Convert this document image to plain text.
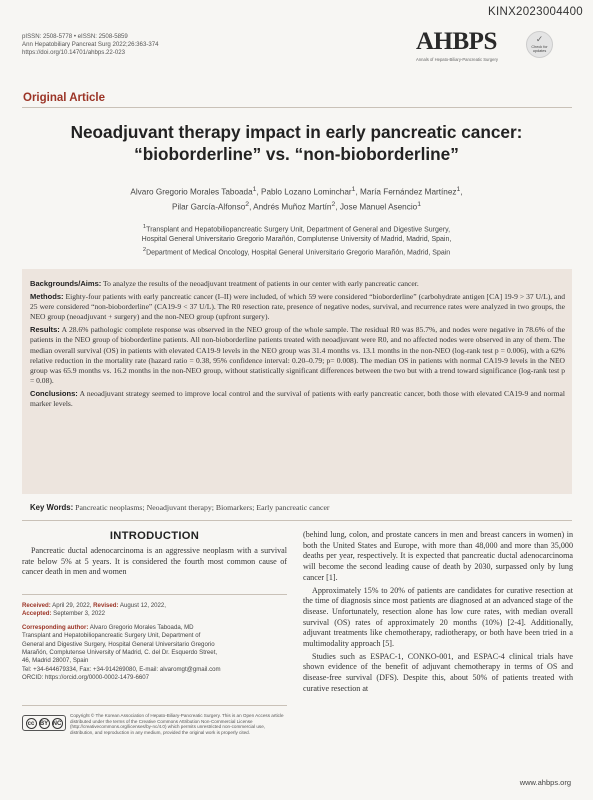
KINX2023004400
pISSN: 2508-5778 • eISSN: 2508-5859
Ann Hepatobiliary Pancreat Surg 2022;26:363-374
https://doi.org/10.14701/ahbps.22-023	AHBPS
Annals of Hepato-Biliary-Pancreatic Surgery
✓
Check for
updates
Original Article
Neoadjuvant therapy impact in early pancreatic cancer:
“bioborderline” vs. “non-bioborderline”
Alvaro Gregorio Morales Taboada$^1$, Pablo Lozano Lominchar$^1$, María Fernández Martínez$^1$,
Pilar García-Alfonso$^2$, Andrés Muñoz Martín$^2$, Jose Manuel Asencio$^1$
$^1$Transplant and Hepatobiliopancreatic Surgery Unit, Department of General and Digestive Surgery,
Hospital General Universitario Gregorio Marañón, Complutense University of Madrid, Madrid, Spain,
$^2$Department of Medical Oncology, Hospital General Universitario Gregorio Marañón, Madrid, Spain

Backgrounds/Aims: To analyze the results of the neoadjuvant treatment of patients in our center with early pancreatic cancer.

Methods: Eighty-four patients with early pancreatic cancer (I–II) were included, of which 59 were considered “bioborderline” (carbohydrate antigen [CA] 19-9 > 37 U/L), and 25 were considered “non-bioborderline” (CA19-9 < 37 U/L). The R0 resection rate, presence of negative nodes, survival, and recurrence rates were analyzed in two groups, the NEO group (neoadjuvant + surgery) and the non-NEO group (upfront surgery).

Results: A 28.6% pathologic complete response was observed in the NEO group of the whole sample. The residual R0 was 85.7%, and nodes were negative in 78.6% of the patients in the NEO group of bioborderline patients. All non-bioborderline patients treated with neoadjuvant were R0, and no affected nodes were observed in any of them. The median overall survival (OS) in patients with elevated CA19-9 levels in the NEO group was 31.4 months vs. 13.1 months in the non-NEO (log-rank test p = 0.006), with a 62% relative reduction in the mortality rate (hazard ratio = 0.38, 95% confidence interval: 0.20–0.79; p= 0.008). The median OS in patients with normal CA19-9 levels in the NEO group was 65.9 months vs. 16.2 months in the non-NEO group, without statistically significant differences between the two but with a trend toward significance (log-rank test p = 0.08).

Conclusions: A neoadjuvant strategy seemed to improve local control and the survival of patients with early pancreatic cancer, both those with elevated CA19-9 and normal marker levels.

Key Words: Pancreatic neoplasms; Neoadjuvant therapy; Biomarkers; Early pancreatic cancer
INTRODUCTION

Pancreatic ductal adenocarcinoma is an aggressive neoplasm with a survival rate below 5% at 5 years. It is considered the fourth most common cause of cancer death in men and women

Received: April 29, 2022, Revised: August 12, 2022,
Accepted: September 3, 2022
Corresponding author: Alvaro Gregorio Morales Taboada, MD
Transplant and Hepatobiliopancreatic Surgery Unit, Department of
General and Digestive Surgery, Hospital General Universitario Gregorio
Marañón, Complutense University of Madrid, C. del Dr. Esquerdo Street,
46, Madrid 28007, Spain
Tel: +34-644679334, Fax: +34-914269080, E-mail: alvaromgt@gmail.com
ORCID: https://orcid.org/0000-0002-1479-6607
cc BY NC
Copyright © The Korean Association of Hepato-Biliary-Pancreatic Surgery. This is an Open Access article distributed under the terms of the Creative Commons Attribution Non-Commercial License (http://creativecommons.org/licenses/by-nc/4.0) which permits unrestricted non-commercial use, distribution, and reproduction in any medium, provided the original work is properly cited.

(behind lung, colon, and prostate cancers in men and breast cancers in women) in both the United States and Europe, with more than 48,000 and more than 35,000 deaths per year, respectively. It is expected that pancreatic ductal adenocarcinoma will become the second leading cause of death by 2030, surpassed only by lung cancer [1].

Approximately 15% to 20% of patients are candidates for curative resection at the time of diagnosis since most patients are diagnosed at an advanced stage of the disease. Unfortunately, resection alone has low cure rates, with median overall survival (OS) rates of approximately 20 months (10%) [2-4]. Additionally, adjuvant treatments like chemotherapy, radiotherapy, or both have been tried in a multimodality approach [5].

Studies such as ESPAC-1, CONKO-001, and ESPAC-4 clinical trials have shown evidence of the benefit of adjuvant chemotherapy in terms of OS and disease-free survival (DFS). Despite this, about 50% of patients treated with curative resection at

www.ahbps.org
